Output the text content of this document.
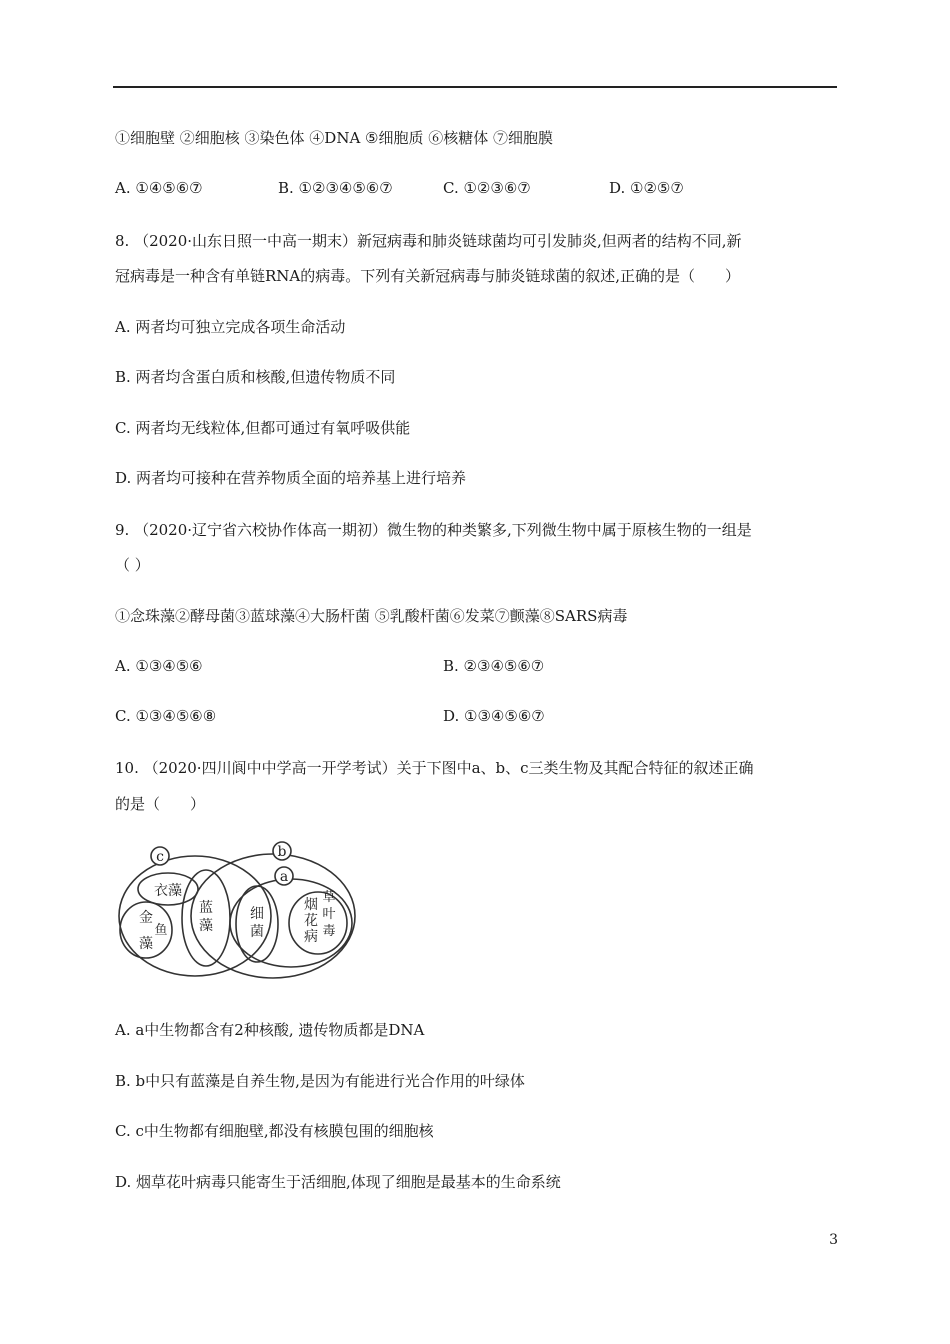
①细胞壁 ②细胞核 ③染色体 ④DNA ⑤细胞质 ⑥核糖体 ⑦细胞膜
A. ①④⑤⑥⑦	B. ①②③④⑤⑥⑦	C. ①②③⑥⑦	D. ①②⑤⑦
8. （2020·山东日照一中高一期末）新冠病毒和肺炎链球菌均可引发肺炎,但两者的结构不同,新
冠病毒是一种含有单链RNA的病毒。下列有关新冠病毒与肺炎链球菌的叙述,正确的是（　　）
A. 两者均可独立完成各项生命活动
B. 两者均含蛋白质和核酸,但遗传物质不同
C. 两者均无线粒体,但都可通过有氧呼吸供能
D. 两者均可接种在营养物质全面的培养基上进行培养
9. （2020·辽宁省六校协作体高一期初）微生物的种类繁多,下列微生物中属于原核生物的一组是
（ ）
①念珠藻②酵母菌③蓝球藻④大肠杆菌 ⑤乳酸杆菌⑥发菜⑦颤藻⑧SARS病毒
A. ①③④⑤⑥	B. ②③④⑤⑥⑦
C. ①③④⑤⑥⑧	D. ①③④⑤⑥⑦
10. （2020·四川阆中中学高一开学考试）关于下图中a、b、c三类生物及其配合特征的叙述正确
的是（　　）
c	b
a
衣藻
金
鱼
藻
蓝
藻
细
菌
烟 草
花 叶
病 毒
A. a中生物都含有2种核酸, 遗传物质都是DNA
B. b中只有蓝藻是自养生物,是因为有能进行光合作用的叶绿体
C. c中生物都有细胞壁,都没有核膜包围的细胞核
D. 烟草花叶病毒只能寄生于活细胞,体现了细胞是最基本的生命系统
3
